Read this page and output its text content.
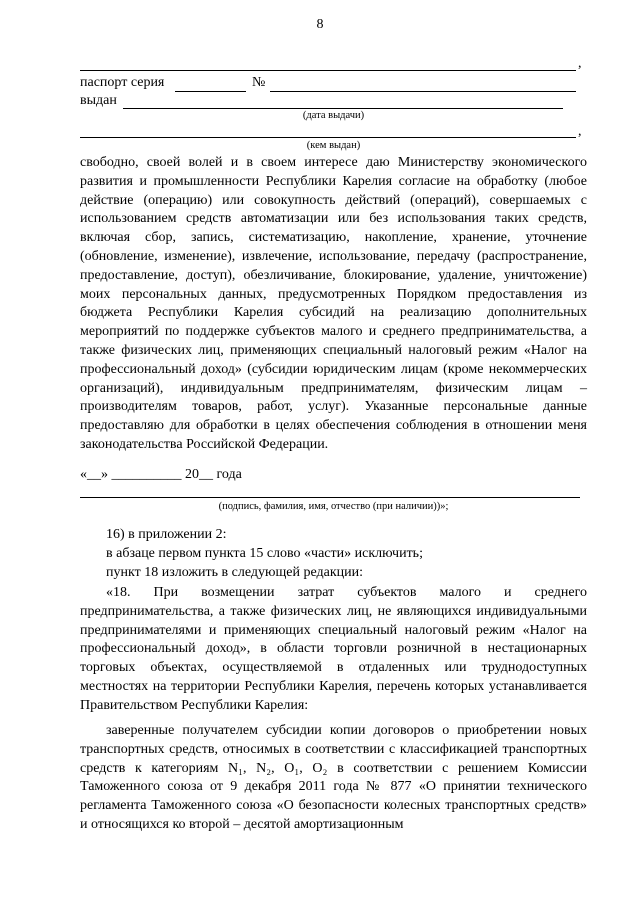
8
,
паспорт серия	№
выдан
(дата выдачи)
,
(кем выдан)
свободно, своей волей и в своем интересе даю Министерству экономического развития и промышленности Республики Карелия согласие на обработку (любое действие (операцию) или совокупность действий (операций), совершаемых с использованием средств автоматизации или без использования таких средств, включая сбор, запись, систематизацию, накопление, хранение, уточнение (обновление, изменение), извлечение, использование, передачу (распространение, предоставление, доступ), обезличивание, блокирование, удаление, уничтожение) моих персональных данных, предусмотренных Порядком предоставления из бюджета Республики Карелия субсидий на реализацию дополнительных мероприятий по поддержке субъектов малого и среднего предпринимательства, а также физических лиц, применяющих специальный налоговый режим «Налог на профессиональный доход» (субсидии юридическим лицам (кроме некоммерческих организаций), индивидуальным предпринимателям, физическим лицам – производителям товаров, работ, услуг). Указанные персональные данные предоставляю для обработки в целях обеспечения соблюдения в отношении меня законодательства Российской Федерации.
«__» __________ 20__ года
(подпись, фамилия, имя, отчество (при наличии))»;
16) в приложении 2:
в абзаце первом пункта 15 слово «части» исключить;
пункт 18 изложить в следующей редакции:
«18. При возмещении затрат субъектов малого и среднего предпринимательства, а также физических лиц, не являющихся индивидуальными предпринимателями и применяющих специальный налоговый режим «Налог на профессиональный доход», в области торговли розничной в нестационарных торговых объектах, осуществляемой в отдаленных или труднодоступных местностях на территории Республики Карелия, перечень которых устанавливается Правительством Республики Карелия:
заверенные получателем субсидии копии договоров о приобретении новых транспортных средств, относимых в соответствии с классификацией транспортных средств к категориям N₁, N₂, O₁, O₂ в соответствии с решением Комиссии Таможенного союза от 9 декабря 2011 года № 877 «О принятии технического регламента Таможенного союза «О безопасности колесных транспортных средств» и относящихся ко второй – десятой амортизационным
